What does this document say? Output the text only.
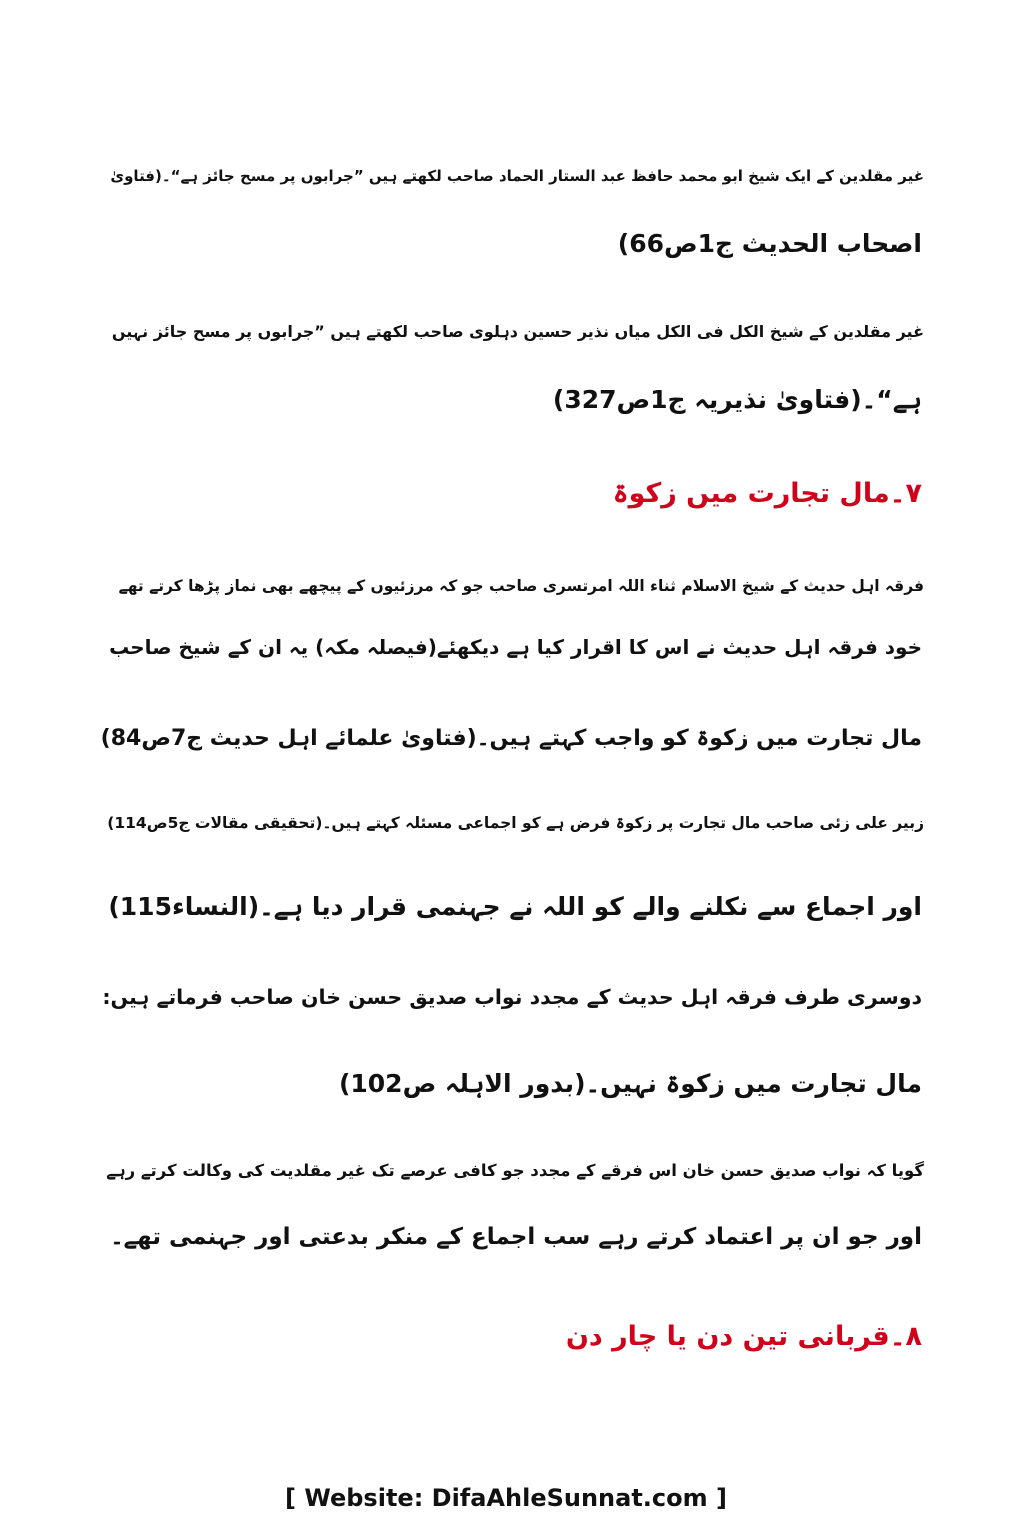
غیر مقلدین کے ایک شیخ ابو محمد حافظ عبد الستار الحماد صاحب لکھتے ہیں ”جرابوں پر مسح جائز ہے“۔(فتاویٰ
اصحاب الحدیث ج1ص66)
غیر مقلدین کے شیخ الکل فی الکل میاں نذیر حسین دہلوی صاحب لکھتے ہیں ”جرابوں پر مسح جائز نہیں
ہے“۔(فتاویٰ نذیریہ ج1ص327)
۷۔مال تجارت میں زکوۃ
فرقہ اہل حدیث کے شیخ الاسلام ثناء اللہ امرتسری صاحب جو کہ مرزئیوں کے پیچھے بھی نماز پڑھا کرتے تھے
خود فرقہ اہل حدیث نے اس کا اقرار کیا ہے دیکھئے(فیصلہ مکہ) یہ ان کے شیخ صاحب
مال تجارت میں زکوۃ کو واجب کہتے ہیں۔(فتاویٰ علمائے اہل حدیث ج7ص84)
زبیر علی زئی صاحب مال تجارت پر زکوۃ فرض ہے کو اجماعی مسئلہ کہتے ہیں۔(تحقیقی مقالات ج5ص114)
اور اجماع سے نکلنے والے کو اللہ نے جہنمی قرار دیا ہے۔(النساء115)
دوسری طرف فرقہ اہل حدیث کے مجدد نواب صدیق حسن خان صاحب فرماتے ہیں:
مال تجارت میں زکوۃ نہیں۔(بدور الاہلہ ص102)
گویا کہ نواب صدیق حسن خان اس فرقے کے مجدد جو کافی عرصے تک غیر مقلدیت کی وکالت کرتے رہے
اور جو ان پر اعتماد کرتے رہے سب اجماع کے منکر بدعتی اور جہنمی تھے۔
۸۔قربانی تین دن یا چار دن
[ Website: DifaAhleSunnat.com ]
